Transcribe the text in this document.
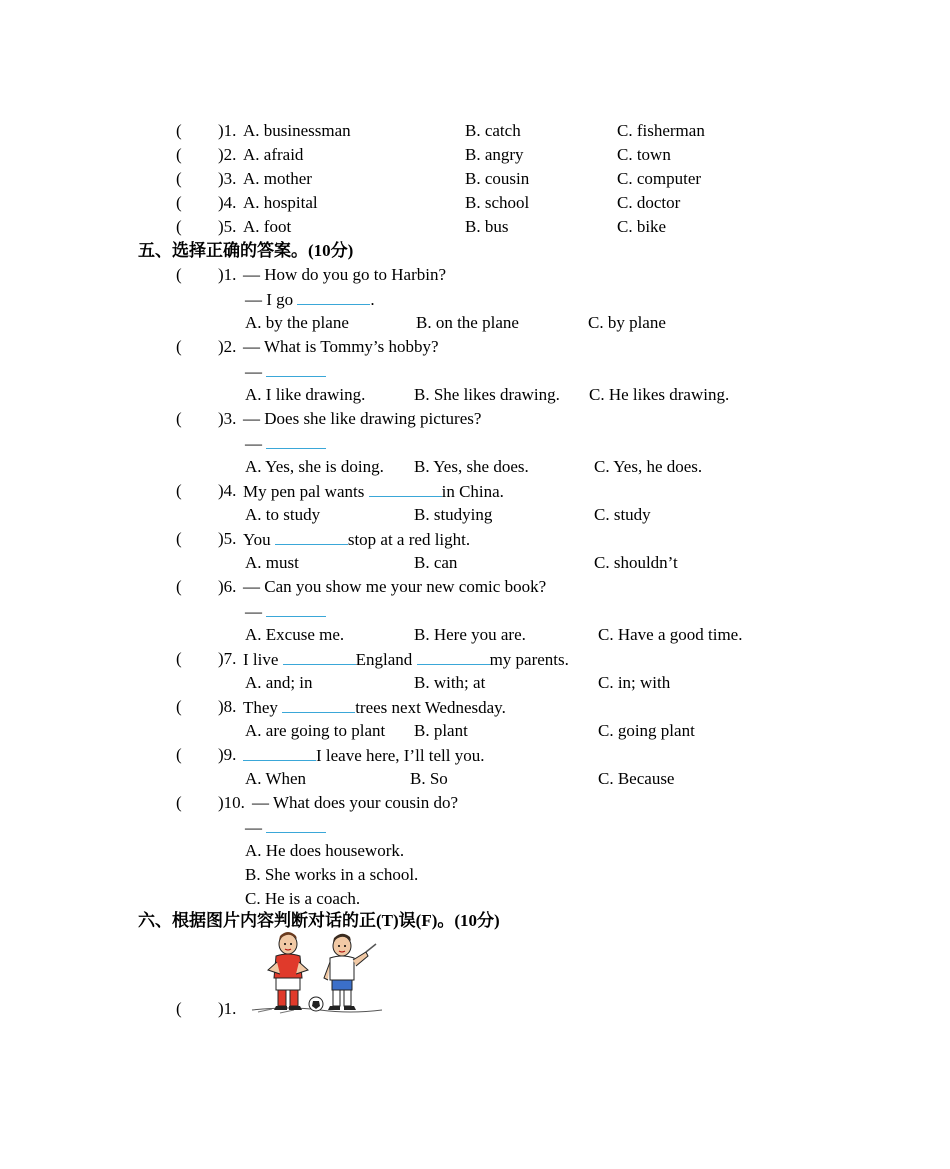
( )1. A. businessman	B. catch	C. fisherman
( )2. A. afraid	B. angry	C. town
( )3. A. mother	B. cousin	C. computer
( )4. A. hospital	B. school	C. doctor
( )5. A. foot	B. bus	C. bike
五、选择正确的答案。(10分)
( )1. — How do you go to Harbin?
— I go	.
A. by the plane	B. on the plane	C. by plane
( )2. — What is Tommy’s hobby?
—
A. I like drawing.	B. She likes drawing. C. He likes drawing.
( )3. — Does she like drawing pictures?
—
A. Yes, she is doing. B. Yes, she does.	C. Yes, he does.
( )4. My pen pal wants	in China.
A. to study	B. studying	C. study
( )5. You	stop at a red light.
A. must	B. can	C. shouldn’t
( )6. — Can you show me your new comic book?
—
A. Excuse me.	B. Here you are.	C. Have a good time.
( )7. I live	England	my parents.
A. and; in	B. with; at	C. in; with
( )8. They	trees next Wednesday.
A. are going to plant B. plant	C. going plant
( )9.	I leave here, I’ll tell you.
A. When	B. So	C. Because
( )10. — What does your cousin do?
—
A. He does housework.
B. She works in a school.
C. He is a coach.
六、根据图片内容判断对话的正(T)误(F)。(10分)
( )1.
